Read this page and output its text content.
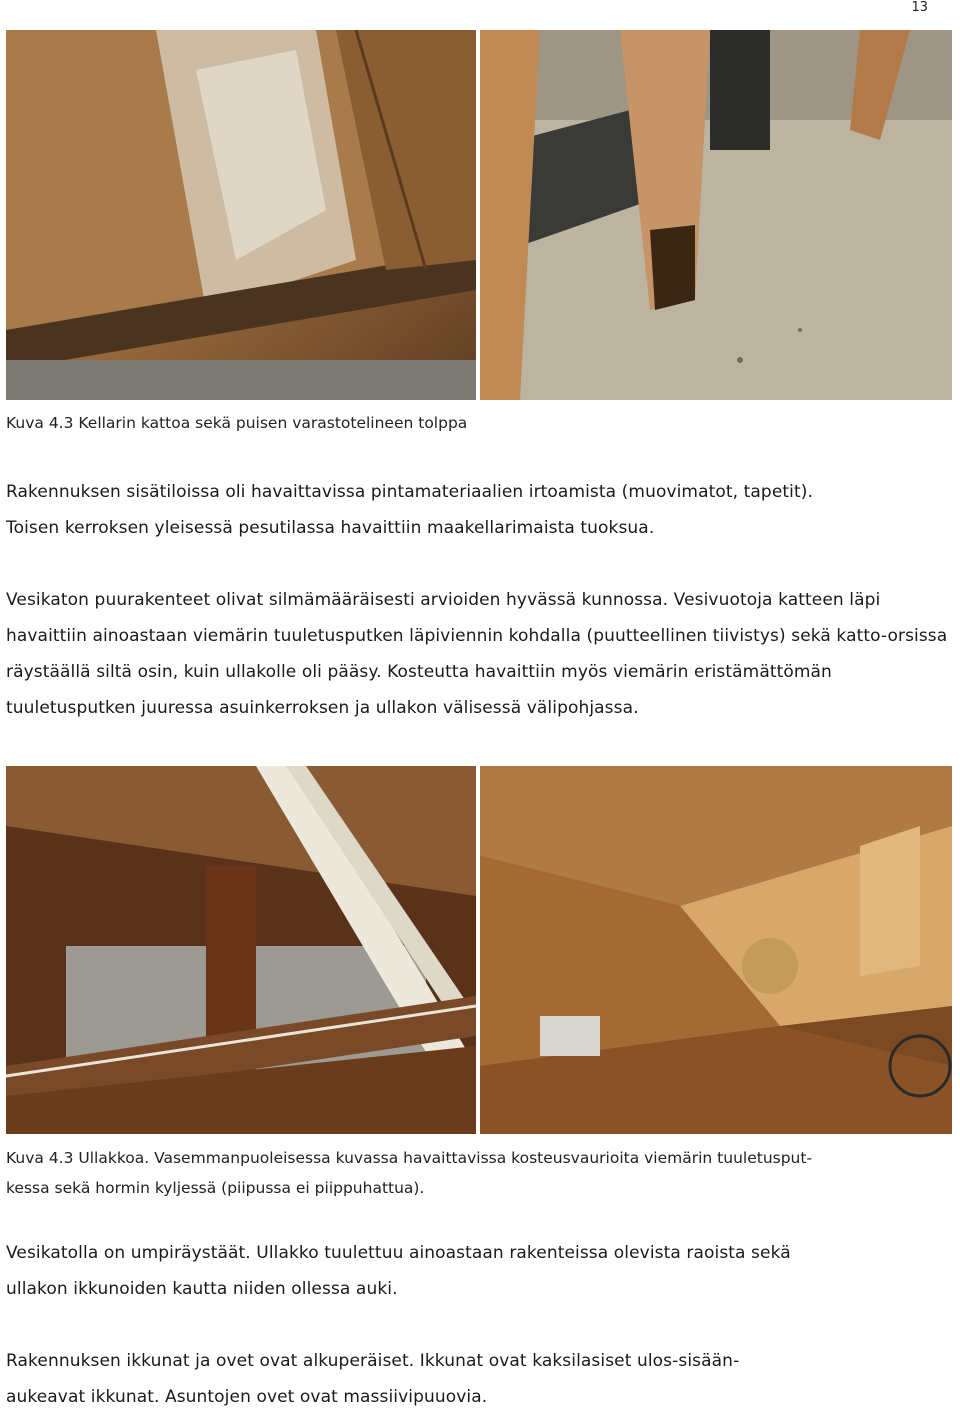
13
Kuva 4.3 Kellarin kattoa sekä puisen varastotelineen tolppa

Rakennuksen sisätiloissa oli havaittavissa pintamateriaalien irtoamista (muovimatot, tapetit).

Toisen kerroksen yleisessä pesutilassa havaittiin maakellarimaista tuoksua.

Vesikaton puurakenteet olivat silmämääräisesti arvioiden hyvässä kunnossa. Vesivuotoja katteen läpi havaittiin ainoastaan viemärin tuuletusputken läpiviennin kohdalla (puutteellinen tiivistys) sekä katto-orsissa räystäällä siltä osin, kuin ullakolle oli pääsy. Kosteutta havaittiin myös viemärin eristämättömän tuuletusputken juuressa asuinkerroksen ja ullakon välisessä välipohjassa.

Kuva 4.3 Ullakkoa. Vasemmanpuoleisessa kuvassa havaittavissa kosteusvaurioita viemärin tuuletusput-
kessa sekä hormin kyljessä (piipussa ei piippuhattua).

Vesikatolla on umpiräystäät. Ullakko tuulettuu ainoastaan rakenteissa olevista raoista sekä

ullakon ikkunoiden kautta niiden ollessa auki.

Rakennuksen ikkunat ja ovet ovat alkuperäiset. Ikkunat ovat kaksilasiset ulos-sisään-

aukeavat ikkunat. Asuntojen ovet ovat massiivipuuovia.
